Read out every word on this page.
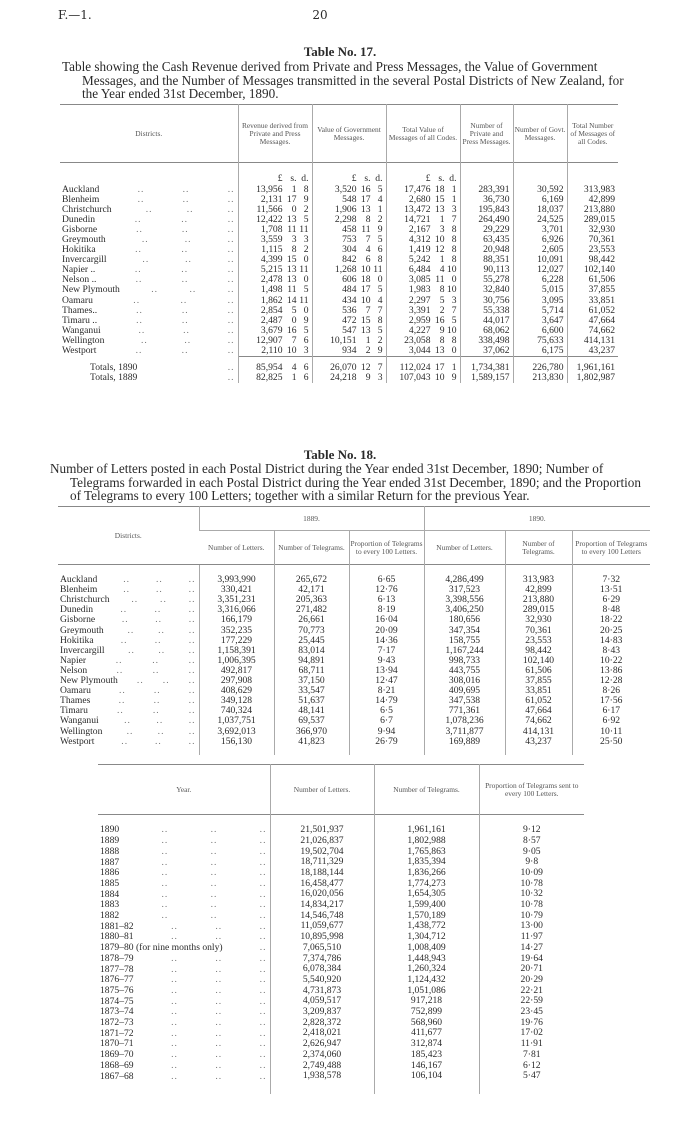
F.—1.	20
Table No. 17.
Table showing the Cash Revenue derived from Private and Press Messages, the Value of Government Messages, and the Number of Messages transmitted in the several Postal Districts of New Zealand, for the Year ended 31st December, 1890.
Districts.	Revenue derived from Private and Press Messages.	Value of Government Messages.	Total Value of Messages of all Codes.	Number of Private and Press Messages.	Number of Govt. Messages.	Total Number of Messages of all Codes.
	£ s. d.	£ s. d.	£ s. d.			

Auckland .. .. ..	13,956 1 8	3,520 16 5	17,476 18 1	283,391	30,592	313,983

Blenheim .. .. ..	2,131 17 9	548 17 4	2,680 15 1	36,730	6,169	42,899

Christchurch .. .. ..	11,566 0 2	1,906 13 1	13,472 13 3	195,843	18,037	213,880

Dunedin .. .. ..	12,422 13 5	2,298 8 2	14,721 1 7	264,490	24,525	289,015

Gisborne .. .. ..	1,708 11 11	458 11 9	2,167 3 8	29,229	3,701	32,930

Greymouth .. .. ..	3,559 3 3	753 7 5	4,312 10 8	63,435	6,926	70,361

Hokitika .. .. ..	1,115 8 2	304 4 6	1,419 12 8	20,948	2,605	23,553

Invercargill .. .. ..	4,399 15 0	842 6 8	5,242 1 8	88,351	10,091	98,442

Napier .. .. .. ..	5,215 13 11	1,268 10 11	6,484 4 10	90,113	12,027	102,140

Nelson .. .. .. ..	2,478 13 0	606 18 0	3,085 11 0	55,278	6,228	61,506

New Plymouth .. .. ..	1,498 11 5	484 17 5	1,983 8 10	32,840	5,015	37,855

Oamaru .. .. ..	1,862 14 11	434 10 4	2,297 5 3	30,756	3,095	33,851

Thames.. .. .. ..	2,854 5 0	536 7 7	3,391 2 7	55,338	5,714	61,052

Timaru .. .. .. ..	2,487 0 9	472 15 8	2,959 16 5	44,017	3,647	47,664

Wanganui .. .. ..	3,679 16 5	547 13 5	4,227 9 10	68,062	6,600	74,662

Wellington .. .. ..	12,907 7 6	10,151 1 2	23,058 8 8	338,498	75,633	414,131

Westport .. .. ..	2,110 10 3	934 2 9	3,044 13 0	37,062	6,175	43,237

Totals, 1890 ..	85,954 4 6	26,070 12 7	112,024 17 1	1,734,381	226,780	1,961,161

Totals, 1889 ..	82,825 1 6	24,218 9 3	107,043 10 9	1,589,157	213,830	1,802,987
Table No. 18.
Number of Letters posted in each Postal District during the Year ended 31st December, 1890; Number of Telegrams forwarded in each Postal District during the Year ended 31st December, 1890; and the Proportion of Telegrams to every 100 Letters; together with a similar Return for the previous Year.
Districts.	1889.			1890.		
	Number of Letters.	Number of Telegrams.	Proportion of Telegrams to every 100 Letters.	Number of Letters.	Number of Telegrams.	Proportion of Telegrams to every 100 Letters

Auckland .. .. ..	3,993,990	265,672	6·65	4,286,499	313,983	7·32

Blenheim .. .. ..	330,421	42,171	12·76	317,523	42,899	13·51

Christchurch .. .. ..	3,351,231	205,363	6·13	3,398,556	213,880	6·29

Dunedin .. .. ..	3,316,066	271,482	8·19	3,406,250	289,015	8·48

Gisborne .. .. ..	166,179	26,661	16·04	180,656	32,930	18·22

Greymouth .. .. ..	352,235	70,773	20·09	347,354	70,361	20·25

Hokitika .. .. ..	177,229	25,445	14·36	158,755	23,553	14·83

Invercargill .. .. ..	1,158,391	83,014	7·17	1,167,244	98,442	8·43

Napier .. .. ..	1,006,395	94,891	9·43	998,733	102,140	10·22

Nelson .. .. ..	492,817	68,711	13·94	443,755	61,506	13·86

New Plymouth .. .. ..	297,908	37,150	12·47	308,016	37,855	12·28

Oamaru .. .. ..	408,629	33,547	8·21	409,695	33,851	8·26

Thames .. .. ..	349,128	51,637	14·79	347,538	61,052	17·56

Timaru .. .. ..	740,324	48,141	6·5	771,361	47,664	6·17

Wanganui .. .. ..	1,037,751	69,537	6·7	1,078,236	74,662	6·92

Wellington .. .. ..	3,692,013	366,970	9·94	3,711,877	414,131	10·11

Westport .. .. ..	156,130	41,823	26·79	169,889	43,237	25·50
Year.	Number of Letters.	Number of Telegrams.	Proportion of Telegrams sent to every 100 Letters.

1890 .. .. ..	21,501,937	1,961,161	9·12

1889 .. .. ..	21,026,837	1,802,988	8·57

1888 .. .. ..	19,502,704	1,765,863	9·05

1887 .. .. ..	18,711,329	1,835,394	9·8

1886 .. .. ..	18,188,144	1,836,266	10·09

1885 .. .. ..	16,458,477	1,774,273	10·78

1884 .. .. ..	16,020,056	1,654,305	10·32

1883 .. .. ..	14,834,217	1,599,400	10·78

1882 .. .. ..	14,546,748	1,570,189	10·79

1881–82 .. .. ..	11,059,677	1,438,772	13·00

1880–81 .. .. ..	10,895,998	1,304,712	11·97

1879–80 (for nine months only) ..	7,065,510	1,008,409	14·27

1878–79 .. .. ..	7,374,786	1,448,943	19·64

1877–78 .. .. ..	6,078,384	1,260,324	20·71

1876–77 .. .. ..	5,540,920	1,124,432	20·29

1875–76 .. .. ..	4,731,873	1,051,086	22·21

1874–75 .. .. ..	4,059,517	917,218	22·59

1873–74 .. .. ..	3,209,837	752,899	23·45

1872–73 .. .. ..	2,828,372	568,960	19·76

1871–72 .. .. ..	2,418,021	411,677	17·02

1870–71 .. .. ..	2,626,947	312,874	11·91

1869–70 .. .. ..	2,374,060	185,423	7·81

1868–69 .. .. ..	2,749,488	146,167	6·12

1867–68 .. .. ..	1,938,578	106,104	5·47
